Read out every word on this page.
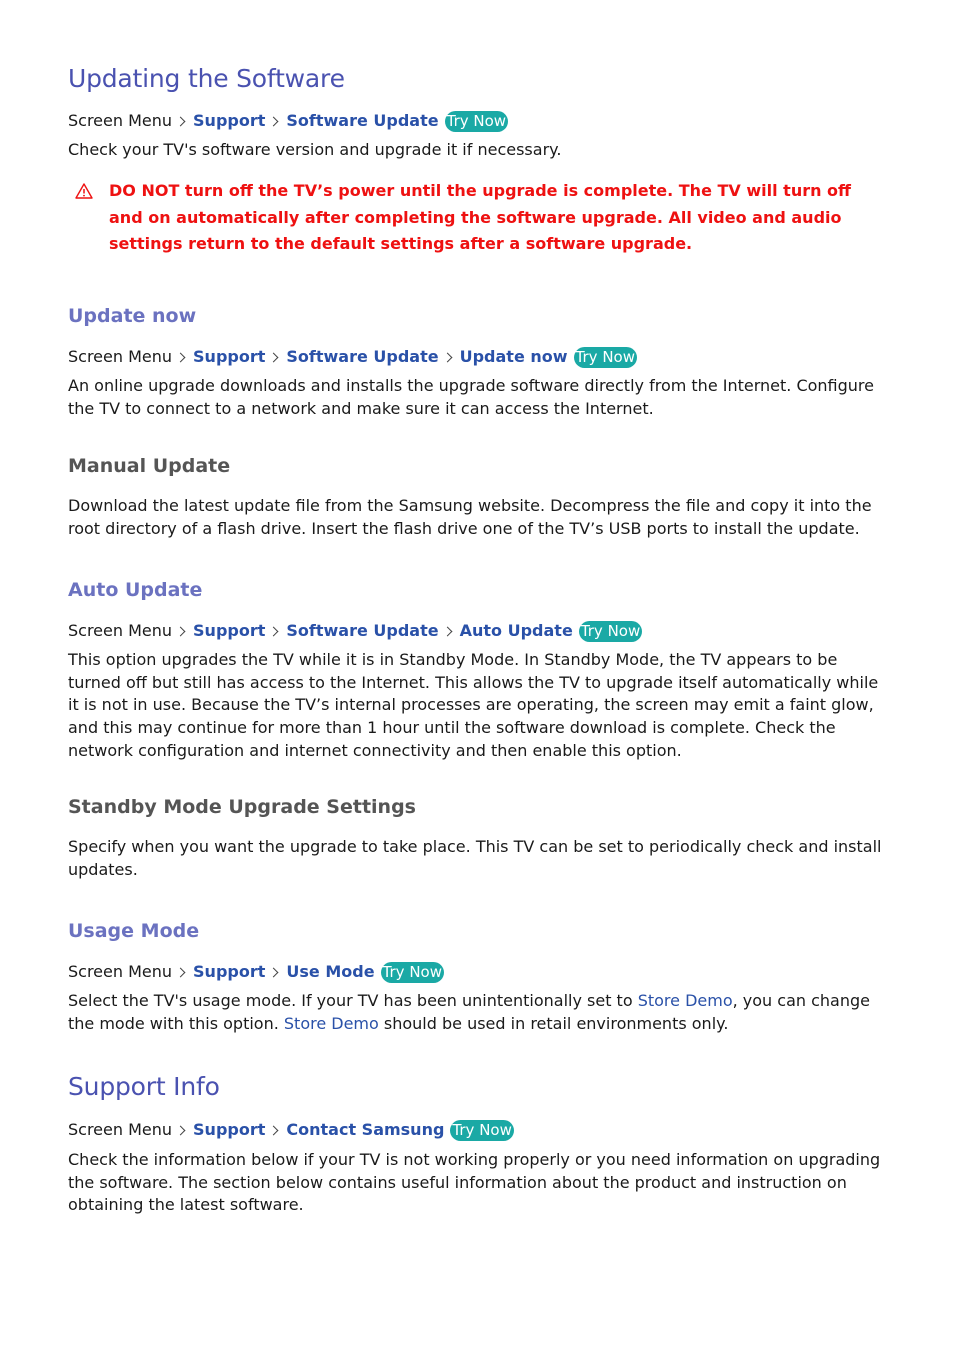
Updating the Software
Screen Menu Support Software Update Try Now

Check your TV's software version and upgrade it if necessary.

DO NOT turn off the TV’s power until the upgrade is complete. The TV will turn off and on automatically after completing the software upgrade. All video and audio settings return to the default settings after a software upgrade.

Update now
Screen Menu Support Software Update Update now Try Now

An online upgrade downloads and installs the upgrade software directly from the Internet. Configure the TV to connect to a network and make sure it can access the Internet.

Manual Update

Download the latest update file from the Samsung website. Decompress the file and copy it into the root directory of a flash drive. Insert the flash drive one of the TV’s USB ports to install the update.

Auto Update
Screen Menu Support Software Update Auto Update Try Now

This option upgrades the TV while it is in Standby Mode. In Standby Mode, the TV appears to be turned off but still has access to the Internet. This allows the TV to upgrade itself automatically while it is not in use. Because the TV’s internal processes are operating, the screen may emit a faint glow, and this may continue for more than 1 hour until the software download is complete. Check the network configuration and internet connectivity and then enable this option.

Standby Mode Upgrade Settings

Specify when you want the upgrade to take place. This TV can be set to periodically check and install updates.

Usage Mode
Screen Menu Support Use Mode Try Now

Select the TV's usage mode. If your TV has been unintentionally set to Store Demo, you can change the mode with this option. Store Demo should be used in retail environments only.

Support Info
Screen Menu Support Contact Samsung Try Now

Check the information below if your TV is not working properly or you need information on upgrading the software. The section below contains useful information about the product and instruction on obtaining the latest software.
